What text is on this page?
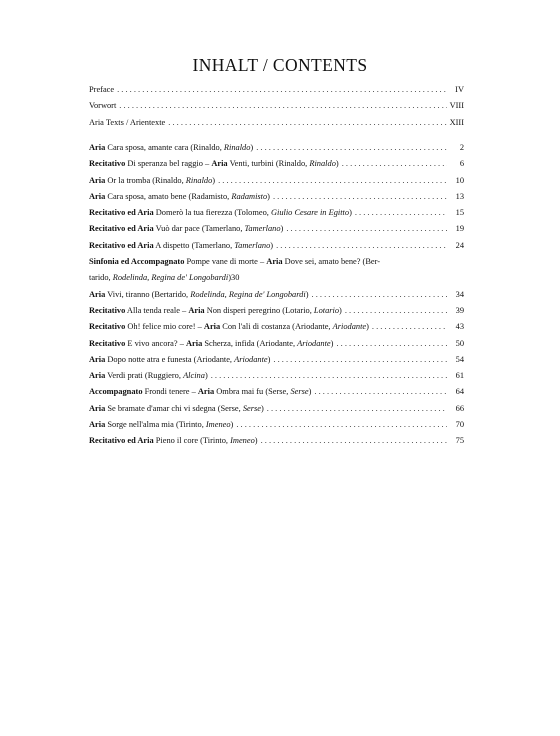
INHALT / CONTENTS
Preface . . .	IV
Vorwort . . .	VIII
Aria Texts / Arientexte . . .	XIII
Aria Cara sposa, amante cara (Rinaldo, Rinaldo) . . .	2
Recitativo Di speranza bel raggio – Aria Venti, turbini (Rinaldo, Rinaldo) . . .	6
Aria Or la tromba (Rinaldo, Rinaldo) . . .	10
Aria Cara sposa, amato bene (Radamisto, Radamisto) . . .	13
Recitativo ed Aria Domerò la tua fierezza (Tolomeo, Giulio Cesare in Egitto) . . .	15
Recitativo ed Aria Vuò dar pace (Tamerlano, Tamerlano) . . .	19
Recitativo ed Aria A dispetto (Tamerlano, Tamerlano) . . .	24
Sinfonia ed Accompagnato Pompe vane di morte – Aria Dove sei, amato bene? (Ber-
tarido, Rodelinda, Regina de' Longobardi) 30
Aria Vivi, tiranno (Bertarido, Rodelinda, Regina de' Longobardi) . . .	34
Recitativo Alla tenda reale – Aria Non disperi peregrino (Lotario, Lotario) . . .	39
Recitativo Oh! felice mio core! – Aria Con l'ali di costanza (Ariodante, Ariodante) . . .	43
Recitativo E vivo ancora? – Aria Scherza, infida (Ariodante, Ariodante) . . .	50
Aria Dopo notte atra e funesta (Ariodante, Ariodante) . . .	54
Aria Verdi prati (Ruggiero, Alcina) . . .	61
Accompagnato Frondi tenere – Aria Ombra mai fu (Serse, Serse) . . .	64
Aria Se bramate d'amar chi vi sdegna (Serse, Serse) . . .	66
Aria Sorge nell'alma mia (Tirinto, Imeneo) . . .	70
Recitativo ed Aria Pieno il core (Tirinto, Imeneo) . . .	75
